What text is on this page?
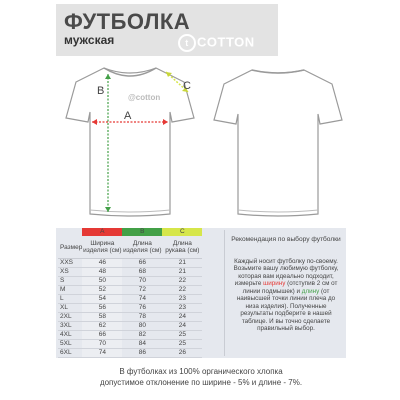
ФУТБОЛКА
мужская	t COTTON
@cotton
A
B	C
	A	B	C
Размер	Ширина изделия (см)	Длина изделия (см)	Длина рукава (см)
XXS	46	66	21
XS	48	68	21
S	50	70	22
M	52	72	22
L	54	74	23
XL	56	76	23
2XL	58	78	24
3XL	62	80	24
4XL	66	82	25
5XL	70	84	25
6XL	74	86	26
Рекомендация по выбору футболки
Каждый носит футболку по-своему. Возьмите вашу любимую футболку, которая вам идеально подходит, измерьте ширину (отступив 2 см от линии подмышек) и длину (от наивысшей точки линии плеча до низа изделия). Полученные результаты подберите в нашей таблице. И вы точно сделаете правильный выбор.
В футболках из 100% органического хлопка
допустимое отклонение по ширине - 5% и длине - 7%.
